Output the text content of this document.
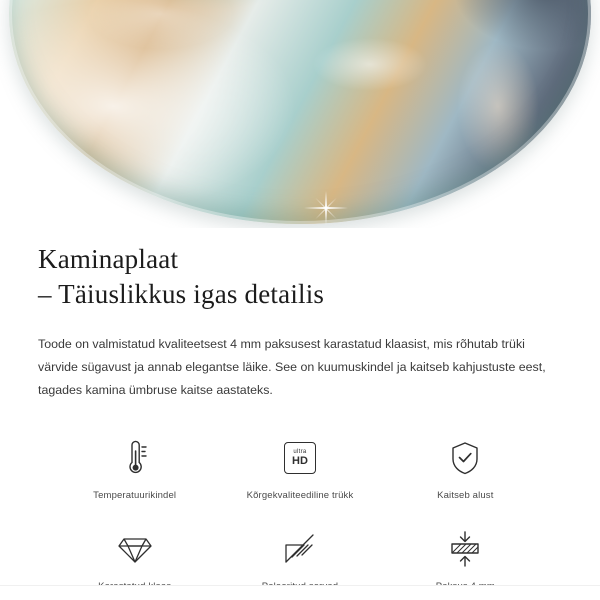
Kaminaplaat
– Täiuslikkus igas detailis

Toode on valmistatud kvaliteetsest 4 mm paksusest karastatud klaasist, mis rõhutab trüki värvide sügavust ja annab elegantse läike. See on kuumuskindel ja kaitseb kahjustuste eest, tagades kamina ümbruse kaitse aastateks.

Temperatuurikindel
ultra
HD
Kõrgekvaliteediline trükk	Kaitseb alust
